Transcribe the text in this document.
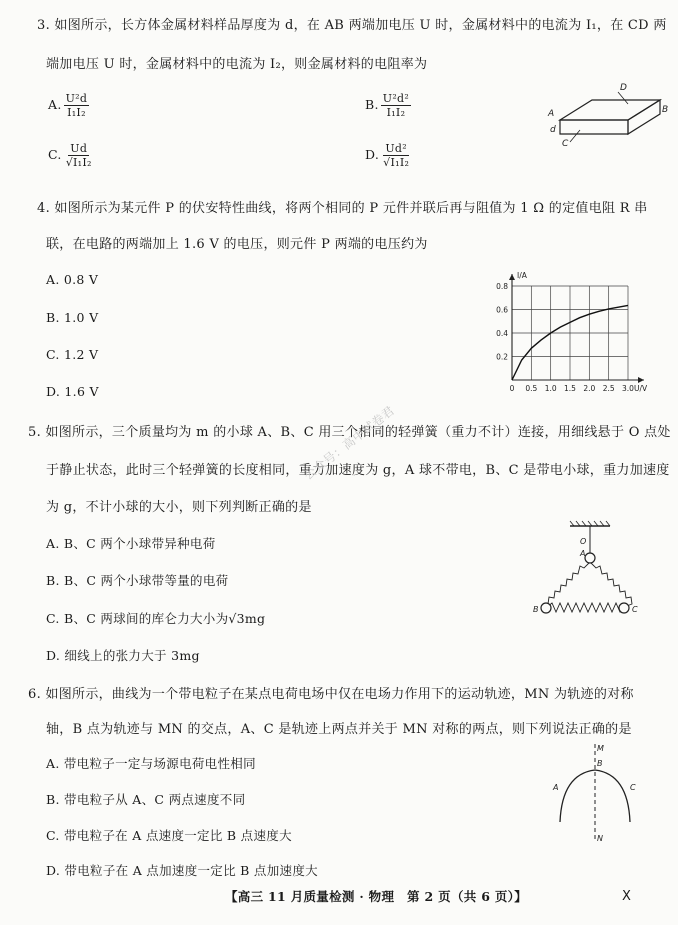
3. 如图所示，长方体金属材料样品厚度为 d，在 AB 两端加电压 U 时，金属材料中的电流为 I₁，在 CD 两
端加电压 U 时，金属材料中的电流为 I₂，则金属材料的电阻率为
A. $\frac{\text{U²d}}{\text{I₁I₂}}$	B. $\frac{\text{U²d²}}{\text{I₁I₂}}$
C. $\frac{Ud}{\text{√I₁I₂}}$	D. $\frac{\text{Ud²}}{\text{√I₁I₂}}$
A	B
C
D
d
4. 如图所示为某元件 P 的伏安特性曲线，将两个相同的 P 元件并联后再与阻值为 1 Ω 的定值电阻 R 串
联，在电路的两端加上 1.6 V 的电压，则元件 P 两端的电压约为
A. 0.8 V
B. 1.0 V
C. 1.2 V
D. 1.6 V	0 0.5 1.0 1.5 2.0 2.5 3.0
0.2
0.4
0.6
0.8
U/V
I/A
5. 如图所示，三个质量均为 m 的小球 A、B、C 用三个相同的轻弹簧（重力不计）连接，用细线悬于 O 点处
于静止状态，此时三个轻弹簧的长度相同，重力加速度为 g，A 球不带电，B、C 是带电小球，重力加速度
为 g，不计小球的大小，则下列判断正确的是
A. B、C 两个小球带异种电荷
B. B、C 两个小球带等量的电荷
C. B、C 两球间的库仑力大小为√3mg
D. 细线上的张力大于 3mg
O
A
B	C
6. 如图所示，曲线为一个带电粒子在某点电荷电场中仅在电场力作用下的运动轨迹，MN 为轨迹的对称
轴，B 点为轨迹与 MN 的交点，A、C 是轨迹上两点并关于 MN 对称的两点，则下列说法正确的是
A. 带电粒子一定与场源电荷电性相同
B. 带电粒子从 A、C 两点速度不同
C. 带电粒子在 A 点速度一定比 B 点速度大
D. 带电粒子在 A 点加速度一定比 B 点加速度大
M
B
A	C
N
公众号：高中试卷君
【高三 11 月质量检测 · 物理　第 2 页（共 6 页）】	X
